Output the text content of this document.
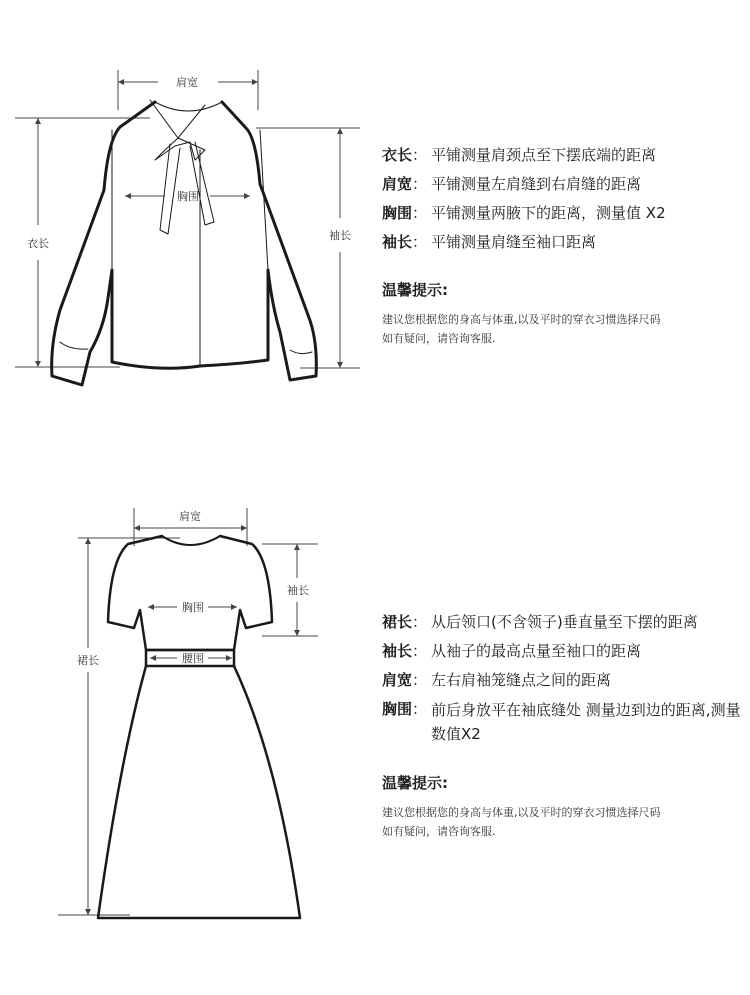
肩宽
胸围
衣长
袖长
衣长 ： 平铺测量肩颈点至下摆底端的距离
肩宽 ： 平铺测量左肩缝到右肩缝的距离
胸围 ： 平铺测量两腋下的距离，测量值 X2
袖长 ： 平铺测量肩缝至袖口距离
温馨提示:
建议您根据您的身高与体重,以及平时的穿衣习惯选择尺码
如有疑问，请咨询客服.
肩宽
胸围
腰围
袖长
裙长
裙长 ： 从后领口(不含领子)垂直量至下摆的距离
袖长 ： 从袖子的最高点量至袖口的距离
肩宽 ： 左右肩袖笼缝点之间的距离
胸围 ： 前后身放平在袖底缝处 测量边到边的距离,测量数值X2
温馨提示:
建议您根据您的身高与体重,以及平时的穿衣习惯选择尺码
如有疑问，请咨询客服.
